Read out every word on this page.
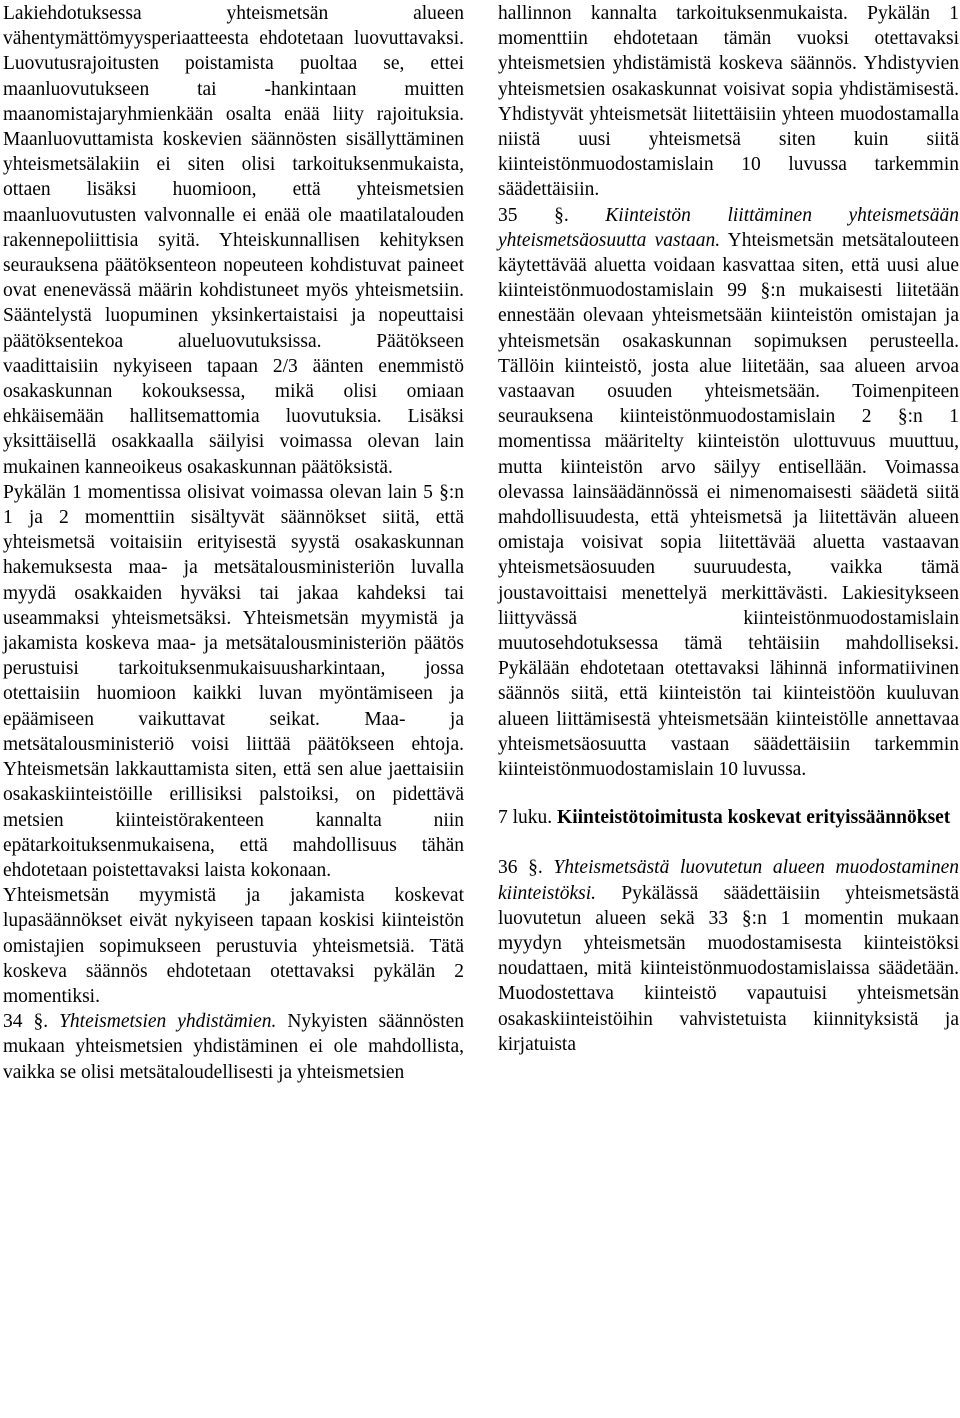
Lakiehdotuksessa yhteismetsän alueen vähentymättömyysperiaatteesta ehdotetaan luovuttavaksi. Luovutusrajoitusten poistamista puoltaa se, ettei maanluovutukseen tai -hankintaan muitten maanomistajaryhmienkään osalta enää liity rajoituksia. Maanluovuttamista koskevien säännösten sisällyttäminen yhteismetsälakiin ei siten olisi tarkoituksenmukaista, ottaen lisäksi huomioon, että yhteismetsien maanluovutusten valvonnalle ei enää ole maatilatalouden rakennepoliittisia syitä. Yhteiskunnallisen kehityksen seurauksena päätöksenteon nopeuteen kohdistuvat paineet ovat enenevässä määrin kohdistuneet myös yhteismetsiin. Sääntelystä luopuminen yksinkertaistaisi ja nopeuttaisi päätöksentekoa alueluovutuksissa. Päätökseen vaadittaisiin nykyiseen tapaan 2/3 äänten enemmistö osakaskunnan kokouksessa, mikä olisi omiaan ehkäisemään hallitsemattomia luovutuksia. Lisäksi yksittäisellä osakkaalla säilyisi voimassa olevan lain mukainen kanneoikeus osakaskunnan päätöksistä.

Pykälän 1 momentissa olisivat voimassa olevan lain 5 §:n 1 ja 2 momenttiin sisältyvät säännökset siitä, että yhteismetsä voitaisiin erityisestä syystä osakaskunnan hakemuksesta maa- ja metsätalousministeriön luvalla myydä osakkaiden hyväksi tai jakaa kahdeksi tai useammaksi yhteismetsäksi. Yhteismetsän myymistä ja jakamista koskeva maa- ja metsätalousministeriön päätös perustuisi tarkoituksenmukaisuusharkintaan, jossa otettaisiin huomioon kaikki luvan myöntämiseen ja epäämiseen vaikuttavat seikat. Maa- ja metsätalousministeriö voisi liittää päätökseen ehtoja. Yhteismetsän lakkauttamista siten, että sen alue jaettaisiin osakaskiinteistöille erillisiksi palstoiksi, on pidettävä metsien kiinteistörakenteen kannalta niin epätarkoituksenmukaisena, että mahdollisuus tähän ehdotetaan poistettavaksi laista kokonaan.

Yhteismetsän myymistä ja jakamista koskevat lupasäännökset eivät nykyiseen tapaan koskisi kiinteistön omistajien sopimukseen perustuvia yhteismetsiä. Tätä koskeva säännös ehdotetaan otettavaksi pykälän 2 momentiksi.

34 §. Yhteismetsien yhdistämien. Nykyisten säännösten mukaan yhteismetsien yhdistäminen ei ole mahdollista, vaikka se olisi metsätaloudellisesti ja yhteismetsien

hallinnon kannalta tarkoituksenmukaista. Pykälän 1 momenttiin ehdotetaan tämän vuoksi otettavaksi yhteismetsien yhdistämistä koskeva säännös. Yhdistyvien yhteismetsien osakaskunnat voisivat sopia yhdistämisestä. Yhdistyvät yhteismetsät liitettäisiin yhteen muodostamalla niistä uusi yhteismetsä siten kuin siitä kiinteistönmuodostamislain 10 luvussa tarkemmin säädettäisiin.

35 §. Kiinteistön liittäminen yhteismetsään yhteismetsäosuutta vastaan. Yhteismetsän metsätalouteen käytettävää aluetta voidaan kasvattaa siten, että uusi alue kiinteistönmuodostamislain 99 §:n mukaisesti liitetään ennestään olevaan yhteismetsään kiinteistön omistajan ja yhteismetsän osakaskunnan sopimuksen perusteella. Tällöin kiinteistö, josta alue liitetään, saa alueen arvoa vastaavan osuuden yhteismetsään. Toimenpiteen seurauksena kiinteistönmuodostamislain 2 §:n 1 momentissa määritelty kiinteistön ulottuvuus muuttuu, mutta kiinteistön arvo säilyy entisellään. Voimassa olevassa lainsäädännössä ei nimenomaisesti säädetä siitä mahdollisuudesta, että yhteismetsä ja liitettävän alueen omistaja voisivat sopia liitettävää aluetta vastaavan yhteismetsäosuuden suuruudesta, vaikka tämä joustavoittaisi menettelyä merkittävästi. Lakiesitykseen liittyvässä kiinteistönmuodostamislain muutosehdotuksessa tämä tehtäisiin mahdolliseksi. Pykälään ehdotetaan otettavaksi lähinnä informatiivinen säännös siitä, että kiinteistön tai kiinteistöön kuuluvan alueen liittämisestä yhteismetsään kiinteistölle annettavaa yhteismetsäosuutta vastaan säädettäisiin tarkemmin kiinteistönmuodostamislain 10 luvussa.

7 luku. Kiinteistötoimitusta koskevat erityissäännökset

36 §. Yhteismetsästä luovutetun alueen muodostaminen kiinteistöksi. Pykälässä säädettäisiin yhteismetsästä luovutetun alueen sekä 33 §:n 1 momentin mukaan myydyn yhteismetsän muodostamisesta kiinteistöksi noudattaen, mitä kiinteistönmuodostamislaissa säädetään. Muodostettava kiinteistö vapautuisi yhteismetsän osakaskiinteistöihin vahvistetuista kiinnityksistä ja kirjatuista
